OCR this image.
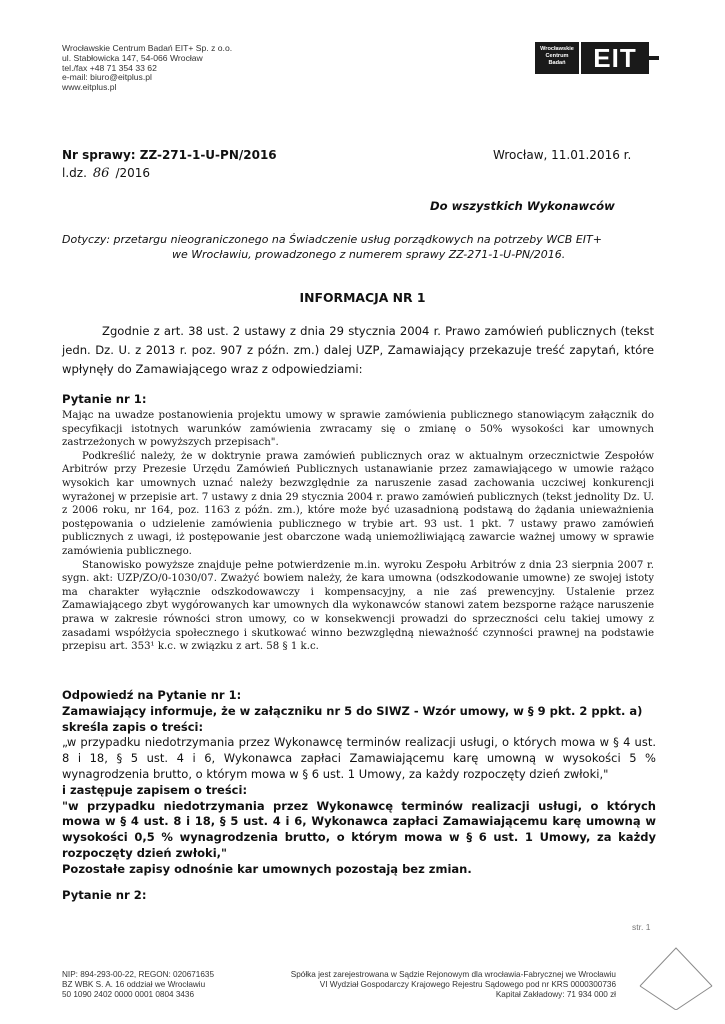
Wrocławskie Centrum Badań EIT+ Sp. z o.o.
ul. Stabłowicka 147, 54-066 Wrocław
tel./fax +48 71 354 33 62
e-mail: biuro@eitplus.pl
www.eitplus.pl
Wrocławskie
Centrum
Badań	EIT
Nr sprawy: ZZ-271-1-U-PN/2016
l.dz. 86 /2016
Wrocław, 11.01.2016 r.
Do wszystkich Wykonawców
Dotyczy: przetargu nieograniczonego na Świadczenie usług porządkowych na potrzeby WCB EIT+
we Wrocławiu, prowadzonego z numerem sprawy ZZ-271-1-U-PN/2016.
INFORMACJA NR 1
Zgodnie z art. 38 ust. 2 ustawy z dnia 29 stycznia 2004 r. Prawo zamówień publicznych (tekst jedn. Dz. U. z 2013 r. poz. 907 z późn. zm.) dalej UZP, Zamawiający przekazuje treść zapytań, które wpłynęły do Zamawiającego wraz z odpowiedziami:
Pytanie nr 1:

Mając na uwadze postanowienia projektu umowy w sprawie zamówienia publicznego stanowiącym załącznik do specyfikacji istotnych warunków zamówienia zwracamy się o zmianę o 50% wysokości kar umownych zastrzeżonych w powyższych przepisach".

Podkreślić należy, że w doktrynie prawa zamówień publicznych oraz w aktualnym orzecznictwie Zespołów Arbitrów przy Prezesie Urzędu Zamówień Publicznych ustanawianie przez zamawiającego w umowie rażąco wysokich kar umownych uznać należy bezwzględnie za naruszenie zasad zachowania uczciwej konkurencji wyrażonej w przepisie art. 7 ustawy z dnia 29 stycznia 2004 r. prawo zamówień publicznych (tekst jednolity Dz. U. z 2006 roku, nr 164, poz. 1163 z późn. zm.), które może być uzasadnioną podstawą do żądania unieważnienia postępowania o udzielenie zamówienia publicznego w trybie art. 93 ust. 1 pkt. 7 ustawy prawo zamówień publicznych z uwagi, iż postępowanie jest obarczone wadą uniemożliwiającą zawarcie ważnej umowy w sprawie zamówienia publicznego.

Stanowisko powyższe znajduje pełne potwierdzenie m.in. wyroku Zespołu Arbitrów z dnia 23 sierpnia 2007 r. sygn. akt: UZP/ZO/0-1030/07. Zważyć bowiem należy, że kara umowna (odszkodowanie umowne) ze swojej istoty ma charakter wyłącznie odszkodowawczy i kompensacyjny, a nie zaś prewencyjny. Ustalenie przez Zamawiającego zbyt wygórowanych kar umownych dla wykonawców stanowi zatem bezsporne rażące naruszenie prawa w zakresie równości stron umowy, co w konsekwencji prowadzi do sprzeczności celu takiej umowy z zasadami współżycia społecznego i skutkować winno bezwzględną nieważność czynności prawnej na podstawie przepisu art. 353¹ k.c. w związku z art. 58 § 1 k.c.

Odpowiedź na Pytanie nr 1:

Zamawiający informuje, że w załączniku nr 5 do SIWZ - Wzór umowy, w § 9 pkt. 2 ppkt. a)

skreśla zapis o treści:

„w przypadku niedotrzymania przez Wykonawcę terminów realizacji usługi, o których mowa w § 4 ust. 8 i 18, § 5 ust. 4 i 6, Wykonawca zapłaci Zamawiającemu karę umowną w wysokości 5 % wynagrodzenia brutto, o którym mowa w § 6 ust. 1 Umowy, za każdy rozpoczęty dzień zwłoki,"

i zastępuje zapisem o treści:

"w przypadku niedotrzymania przez Wykonawcę terminów realizacji usługi, o których mowa w § 4 ust. 8 i 18, § 5 ust. 4 i 6, Wykonawca zapłaci Zamawiającemu karę umowną w wysokości 0,5 % wynagrodzenia brutto, o którym mowa w § 6 ust. 1 Umowy, za każdy rozpoczęty dzień zwłoki,"

Pozostałe zapisy odnośnie kar umownych pozostają bez zmian.

Pytanie nr 2:
str. 1
NIP: 894-293-00-22, REGON: 020671635
BZ WBK S. A. 16 oddział we Wrocławiu
50 1090 2402 0000 0001 0804 3436
Spółka jest zarejestrowana w Sądzie Rejonowym dla wrocławia-Fabrycznej we Wrocławiu
VI Wydział Gospodarczy Krajowego Rejestru Sądowego pod nr KRS 0000300736
Kapitał Zakładowy: 71 934 000 zł
